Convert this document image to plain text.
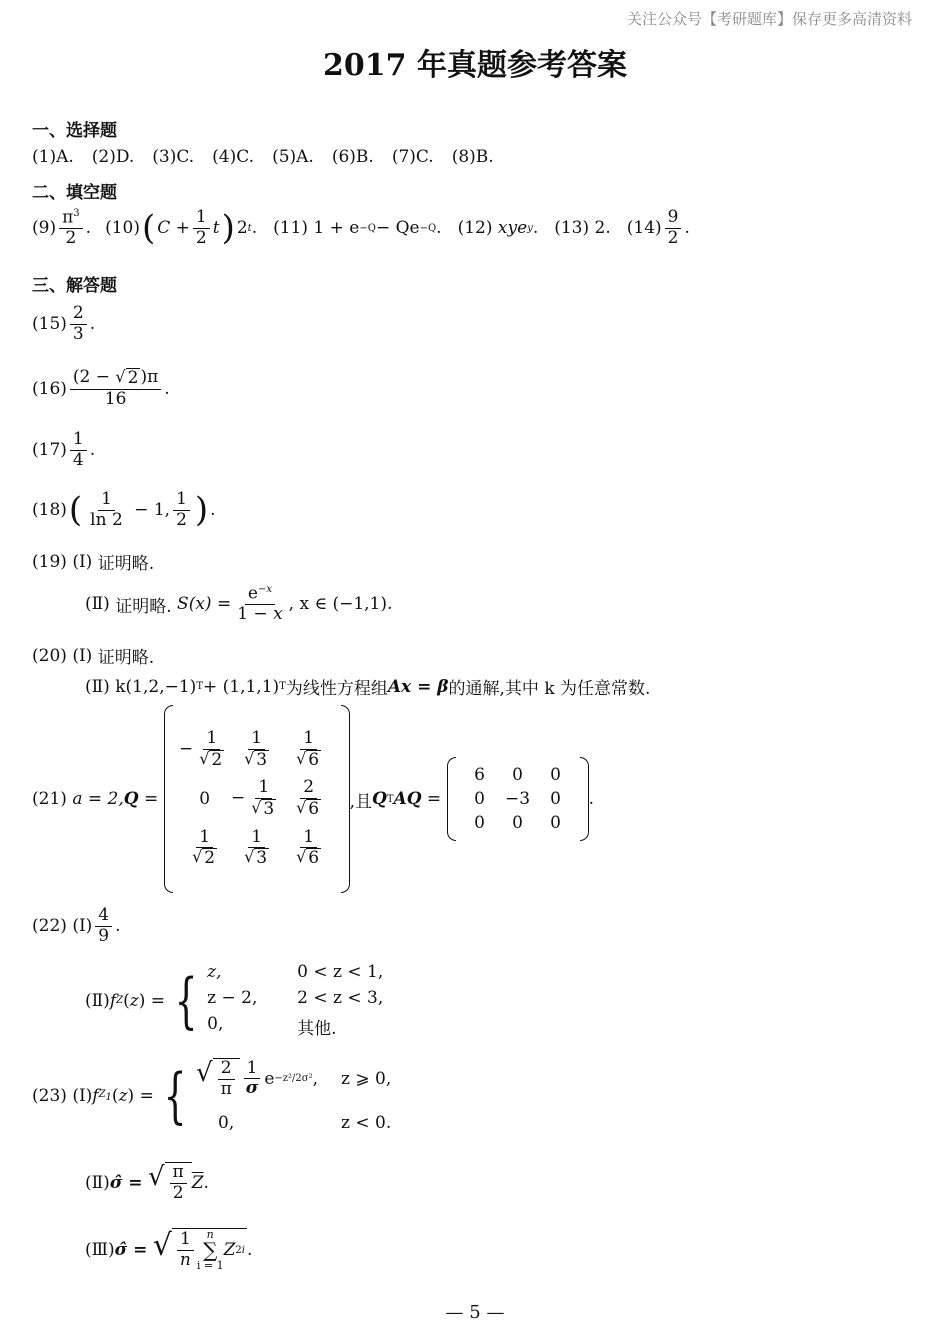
关注公众号【考研题库】保存更多高清资料
2017 年真题参考答案
一、选择题
(1)A. (2)D. (3)C. (4)C. (5)A. (6)B. (7)C. (8)B.
二、填空题
$(9) \frac{\pi^3}{2}$ . (10) ( $C + \frac{1}{2}$ t ) 2 t . (11)
1 + e −Q − Qe −Q . (12)
xye y . (13) 2. $(14) \frac{9}{2}$ .
三、解答题
$(15) \frac{2}{3}$ .
$(16) \frac{(2 - √ 2 )\pi}{16}$ .
$(17) \frac{1}{4}$ .
(18) ( $\frac{1}{\ln 2} - 1$, $\frac{1}{2}$ ) .
(19)
(Ⅰ)
证明略.
(Ⅱ)
证明略.
$S(x) = \frac{e^{-x}}{1 - x}$ , x ∈ (−1,1).
(20)
(Ⅰ)
证明略.
(Ⅱ)
k(1,2,−1) T + (1,1,1) T 为线性方程组 Ax = β 的通解,其中 k 为任意常数.
(21)
a = 2, Q =
− $\frac{1}{√ 2} \frac{1}{√ 3} \frac{1}{√ 6}$
$0 - \frac{1}{√ 3} \frac{2}{√ 6}$
$\frac{1}{√ 2} \frac{1}{√ 3} \frac{1}{√ 6}$
,且 Q T AQ =
6 0 0
0 −3 0
0 0 0
.
(22)
(Ⅰ) $\frac{4}{9}$ .
(Ⅱ) f Z ( z ) = { z,	0 < z < 1,
z − 2,	2 < z < 3,
0,	其他.
(23)
(Ⅰ) f $Z_1$ ( z ) = { √ $\frac{2}{\pi} \frac{1}{\sigma}$ e −z²/2σ² ,	z ⩾ 0,
0,	z < 0.
(Ⅱ) σ̂ =
√ $\frac{\pi}{2} \overline{Z}$ .
(Ⅲ) σ̂ =
√ $\frac{1}{n}$ n
∑
i = 1
Z 2 i .
— 5 —
